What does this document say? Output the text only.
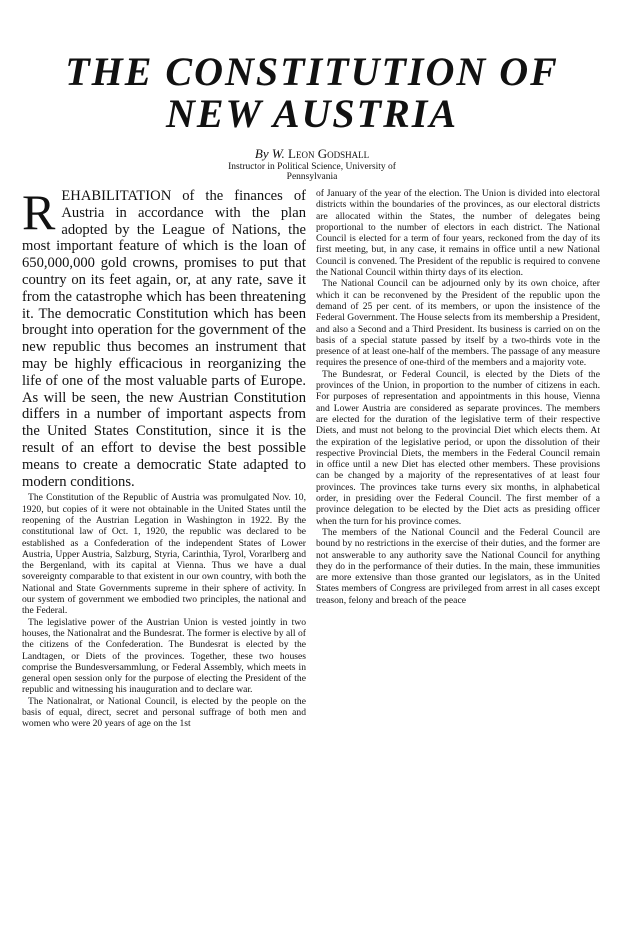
THE CONSTITUTION OF
NEW AUSTRIA
By W. Leon Godshall
Instructor in Political Science, University of
Pennsylvania

R EHABILITATION of the finances of Austria in accordance with the plan adopted by the League of Nations, the most important feature of which is the loan of 650,000,000 gold crowns, promises to put that country on its feet again, or, at any rate, save it from the catastrophe which has been threatening it. The democratic Constitution which has been brought into operation for the government of the new republic thus becomes an instrument that may be highly efficacious in reorganizing the life of one of the most valuable parts of Europe. As will be seen, the new Austrian Constitution differs in a number of important aspects from the United States Constitution, since it is the result of an effort to devise the best possible means to create a democratic State adapted to modern conditions.

The Constitution of the Republic of Austria was promulgated Nov. 10, 1920, but copies of it were not obtainable in the United States until the reopening of the Austrian Legation in Washington in 1922. By the constitutional law of Oct. 1, 1920, the republic was declared to be established as a Confederation of the independent States of Lower Austria, Upper Austria, Salzburg, Styria, Carinthia, Tyrol, Vorarlberg and the Bergenland, with its capital at Vienna. Thus we have a dual sovereignty comparable to that existent in our own country, with both the National and State Governments supreme in their sphere of activity. In our system of government we embodied two principles, the national and the Federal.

The legislative power of the Austrian Union is vested jointly in two houses, the Nationalrat and the Bundesrat. The former is elective by all of the citizens of the Confederation. The Bundesrat is elected by the Landtagen, or Diets of the provinces. Together, these two houses comprise the Bundesversammlung, or Federal Assembly, which meets in general open session only for the purpose of electing the President of the republic and witnessing his inauguration and to declare war.

The Nationalrat, or National Council, is elected by the people on the basis of equal, direct, secret and personal suffrage of both men and women who were 20 years of age on the 1st

of January of the year of the election. The Union is divided into electoral districts within the boundaries of the provinces, as our electoral districts are allocated within the States, the number of delegates being proportional to the number of electors in each district. The National Council is elected for a term of four years, reckoned from the day of its first meeting, but, in any case, it remains in office until a new National Council is convened. The President of the republic is required to convene the National Council within thirty days of its election.

The National Council can be adjourned only by its own choice, after which it can be reconvened by the President of the republic upon the demand of 25 per cent. of its members, or upon the insistence of the Federal Government. The House selects from its membership a President, and also a Second and a Third President. Its business is carried on on the basis of a special statute passed by itself by a two-thirds vote in the presence of at least one-half of the members. The passage of any measure requires the presence of one-third of the members and a majority vote.

The Bundesrat, or Federal Council, is elected by the Diets of the provinces of the Union, in proportion to the number of citizens in each. For purposes of representation and appointments in this house, Vienna and Lower Austria are considered as separate provinces. The members are elected for the duration of the legislative term of their respective Diets, and must not belong to the provincial Diet which elects them. At the expiration of the legislative period, or upon the dissolution of their respective Provincial Diets, the members in the Federal Council remain in office until a new Diet has elected other members. These provisions can be changed by a majority of the representatives of at least four provinces. The provinces take turns every six months, in alphabetical order, in presiding over the Federal Council. The first member of a province delegation to be elected by the Diet acts as presiding officer when the turn for his province comes.

The members of the National Council and the Federal Council are bound by no restrictions in the exercise of their duties, and the former are not answerable to any authority save the National Council for anything they do in the performance of their duties. In the main, these immunities are more extensive than those granted our legislators, as in the United States members of Congress are privileged from arrest in all cases except treason, felony and breach of the peace
